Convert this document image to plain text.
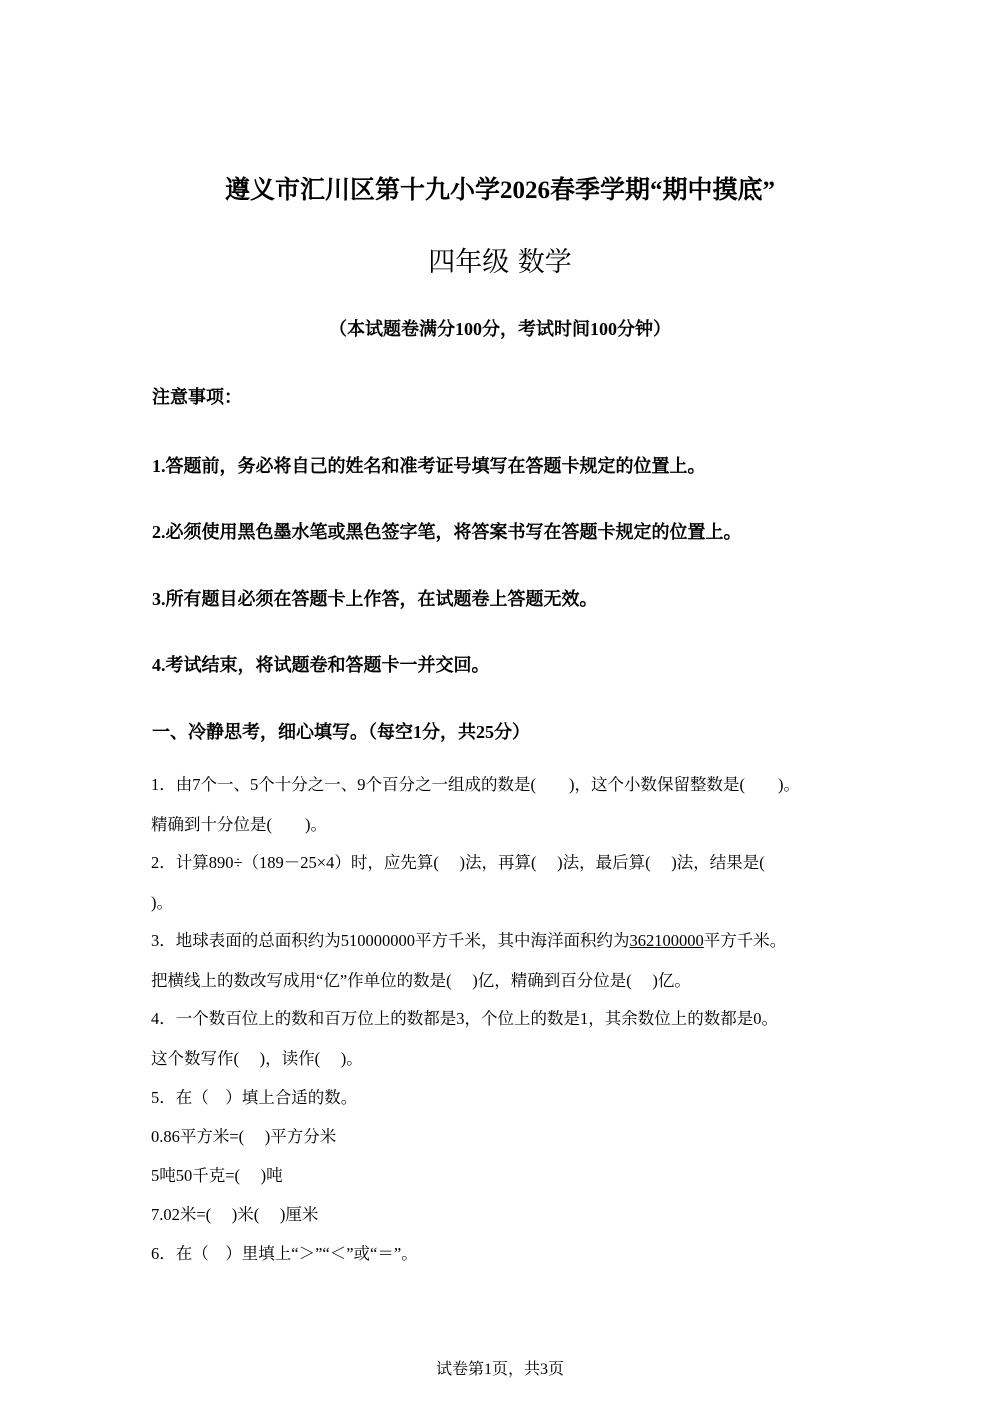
遵义市汇川区第十九小学2026春季学期“期中摸底”
四年级 数学
（本试题卷满分100分，考试时间100分钟）
注意事项：
1.答题前，务必将自己的姓名和准考证号填写在答题卡规定的位置上。
2.必须使用黑色墨水笔或黑色签字笔，将答案书写在答题卡规定的位置上。
3.所有题目必须在答题卡上作答，在试题卷上答题无效。
4.考试结束，将试题卷和答题卡一并交回。
一、冷静思考，细心填写。（每空1分，共25分）
1．由7个一、5个十分之一、9个百分之一组成的数是(　　)，这个小数保留整数是(　　)。
精确到十分位是(　　)。
2．计算890÷（189－25×4）时，应先算(　 )法，再算(　 )法，最后算(　 )法，结果是(
)。
3．地球表面的总面积约为510000000平方千米，其中海洋面积约为362100000平方千米。
把横线上的数改写成用“亿”作单位的数是(　 )亿，精确到百分位是(　 )亿。
4．一个数百位上的数和百万位上的数都是3，个位上的数是1，其余数位上的数都是0。
这个数写作(　 )，读作(　 )。
5．在（　）填上合适的数。
0.86平方米=(　 )平方分米
5吨50千克=(　 )吨
7.02米=(　 )米(　 )厘米
6．在（　）里填上“＞”“＜”或“＝”。
试卷第1页，共3页
